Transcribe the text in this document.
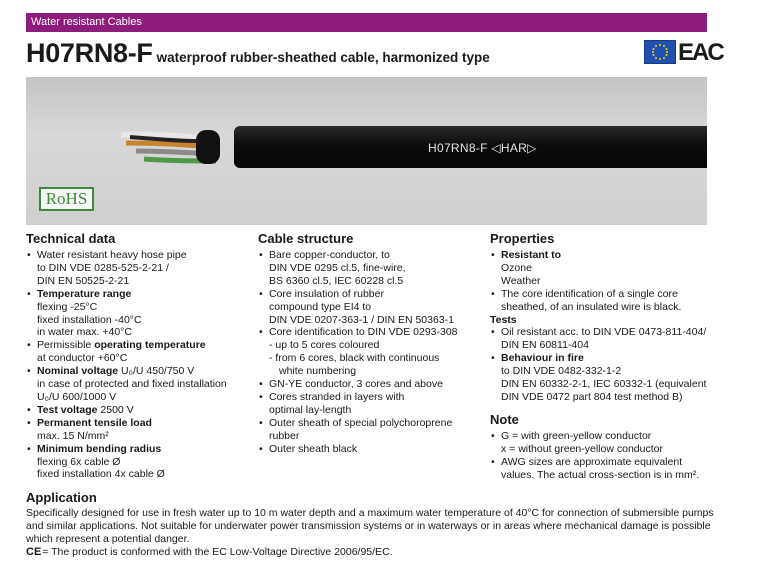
Water resistant Cables
H07RN8-F waterproof rubber-sheathed cable, harmonized type	EAC
H07RN8-F ◁HAR▷
RoHS
Technical data
• Water resistant heavy hose pipe
to DIN VDE 0285-525-2-21 /
DIN EN 50525-2-21
• Temperature range
flexing -25°C
fixed installation -40°C
in water max. +40°C
• Permissible operating temperature
at conductor +60°C
• Nominal voltage U₀/U 450/750 V
in case of protected and fixed installation
U₀/U 600/1000 V
• Test voltage 2500 V
• Permanent tensile load
max. 15 N/mm²
• Minimum bending radius
flexing 6x cable Ø
fixed installation 4x cable Ø
Cable structure
• Bare copper-conductor, to
DIN VDE 0295 cl.5, fine-wire,
BS 6360 cl.5, IEC 60228 cl.5
• Core insulation of rubber
compound type EI4 to
DIN VDE 0207-363-1 / DIN EN 50363-1
• Core identification to DIN VDE 0293-308
- up to 5 cores coloured
- from 6 cores, black with continuous
white numbering
• GN-YE conductor, 3 cores and above
• Cores stranded in layers with
optimal lay-length
• Outer sheath of special polychoroprene
rubber
• Outer sheath black
Properties
• Resistant to
Ozone
Weather
• The core identification of a single core
sheathed, of an insulated wire is black.
Tests
• Oil resistant acc. to DIN VDE 0473-811-404/
DIN EN 60811-404
• Behaviour in fire
to DIN VDE 0482-332-1-2
DIN EN 60332-2-1, IEC 60332-1 (equivalent
DIN VDE 0472 part 804 test method B)
Note
• G = with green-yellow conductor
x = without green-yellow conductor
• AWG sizes are approximate equivalent
values. The actual cross-section is in mm².
Application
Specifically designed for use in fresh water up to 10 m water depth and a maximum water temperature of 40°C for connection of submersible pumps and similar applications. Not suitable for underwater power transmission systems or in waterways or in areas where mechanical damage is possible which represent a potential danger.
CE = The product is conformed with the EC Low-Voltage Directive 2006/95/EC.
